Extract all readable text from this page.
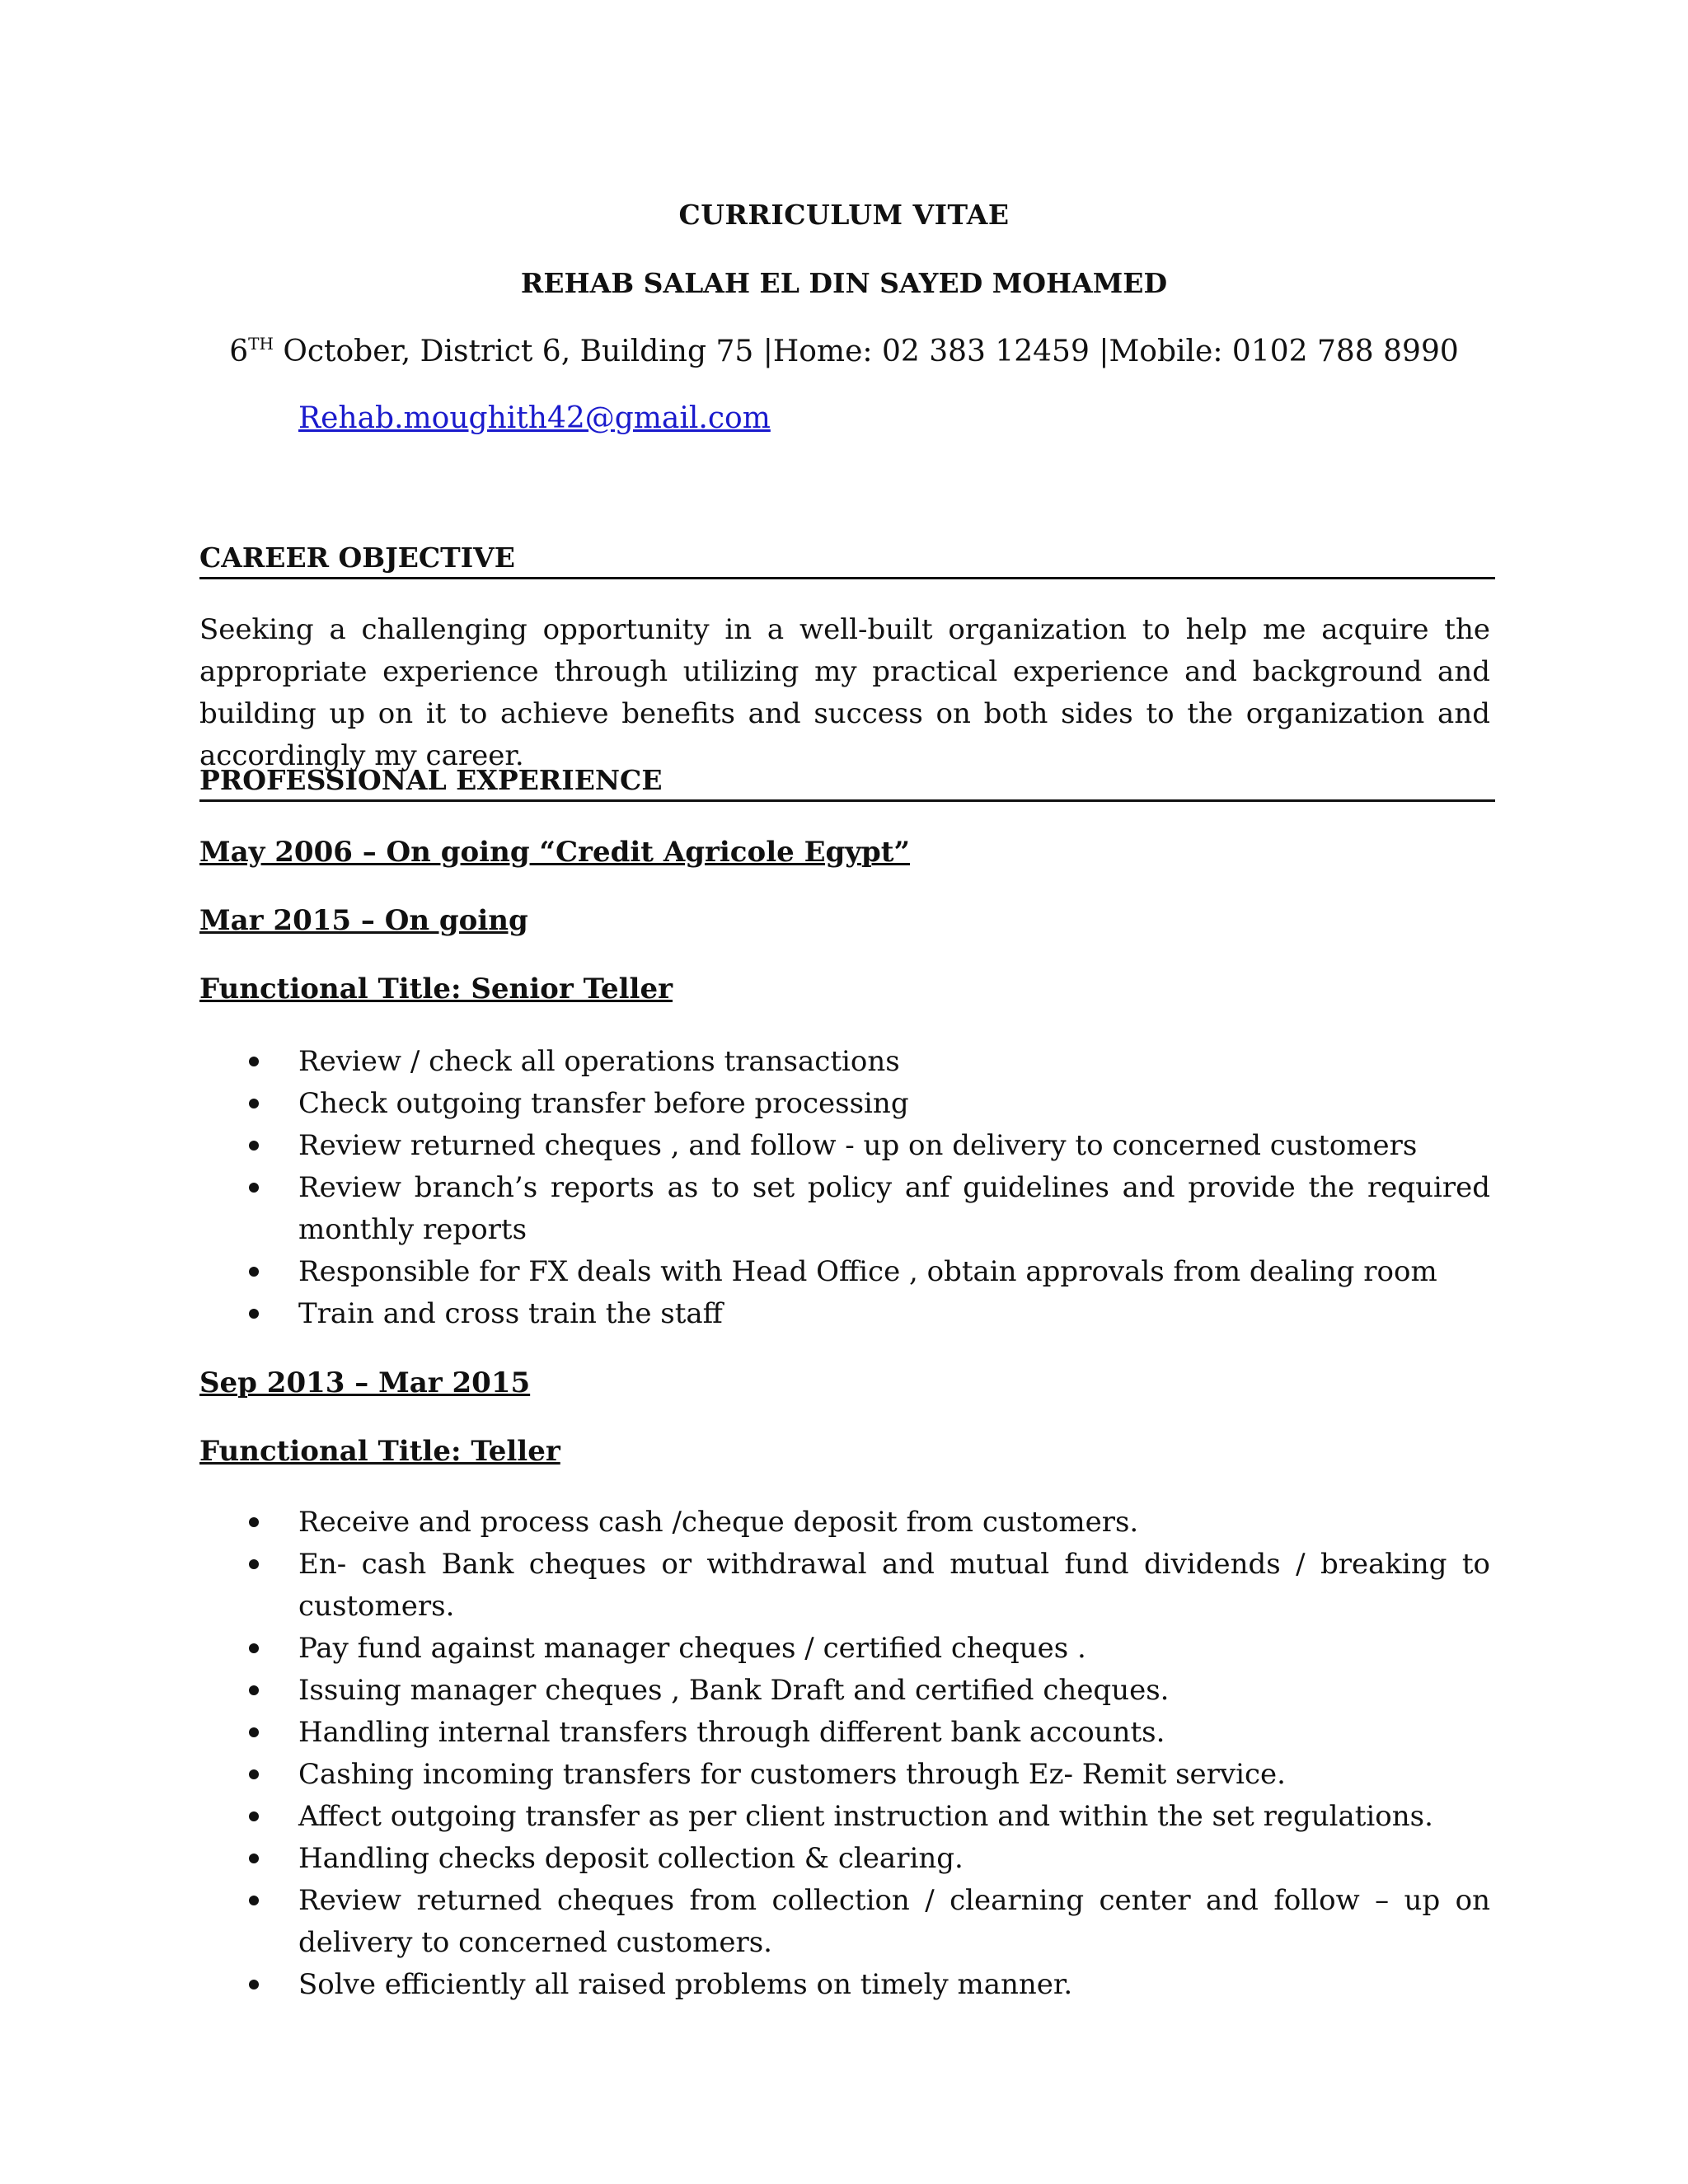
CURRICULUM VITAE
REHAB SALAH EL DIN SAYED MOHAMED
6TH October, District 6, Building 75 |Home: 02 383 12459 |Mobile: 0102 788 8990
Rehab.moughith42@gmail.com
CAREER OBJECTIVE

Seeking a challenging opportunity in a well-built organization to help me acquire the appropriate experience through utilizing my practical experience and background and building up on it to achieve benefits and success on both sides to the organization and accordingly my career.

PROFESSIONAL EXPERIENCE
May 2006 – On going “Credit Agricole Egypt”
Mar 2015 – On going
Functional Title: Senior Teller
Review / check all operations transactions
Check outgoing transfer before processing
Review returned cheques , and follow - up on delivery to concerned customers
Review branch’s reports as to set policy anf guidelines and provide the required monthly reports
Responsible for FX deals with Head Office , obtain approvals from dealing room
Train and cross train the staff
Sep 2013 – Mar 2015
Functional Title: Teller
Receive and process cash /cheque deposit from customers.
En- cash Bank cheques or withdrawal and mutual fund dividends / breaking to customers.
Pay fund against manager cheques / certified cheques .
Issuing manager cheques , Bank Draft and certified cheques.
Handling internal transfers through different bank accounts.
Cashing incoming transfers for customers through Ez- Remit service.
Affect outgoing transfer as per client instruction and within the set regulations.
Handling checks deposit collection & clearing.
Review returned cheques from collection / clearning center and follow – up on delivery to concerned customers.
Solve efficiently all raised problems on timely manner.
